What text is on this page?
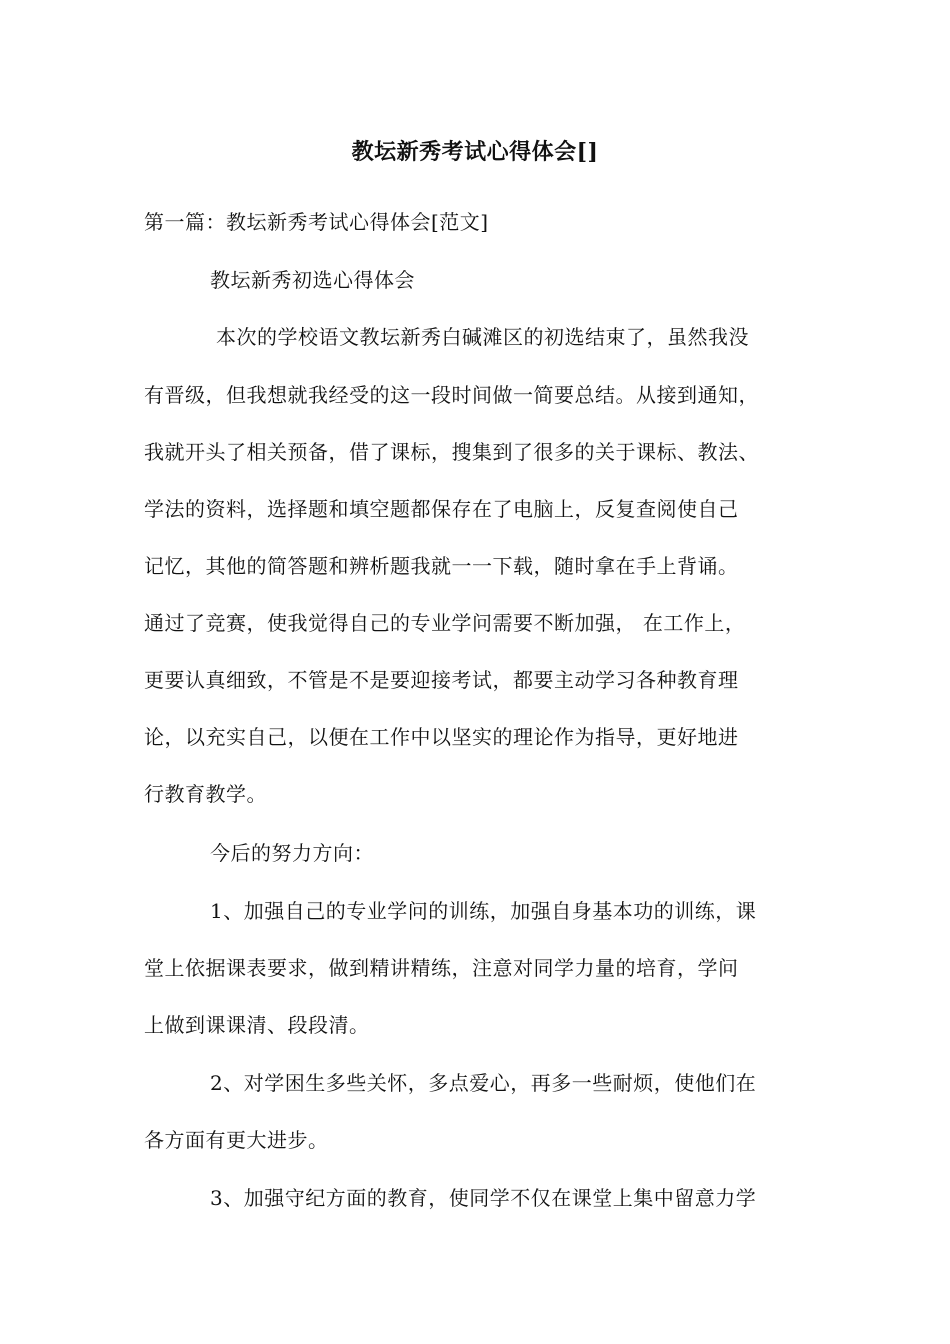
教坛新秀考试心得体会[]
第一篇：教坛新秀考试心得体会[范文]
教坛新秀初选心得体会
本次的学校语文教坛新秀白碱滩区的初选结束了，虽然我没
有晋级，但我想就我经受的这一段时间做一简要总结。从接到通知，
我就开头了相关预备，借了课标，搜集到了很多的关于课标、教法、
学法的资料，选择题和填空题都保存在了电脑上，反复查阅使自己
记忆，其他的简答题和辨析题我就一一下载，随时拿在手上背诵。
通过了竞赛，使我觉得自己的专业学问需要不断加强， 在工作上，
更要认真细致，不管是不是要迎接考试，都要主动学习各种教育理
论，以充实自己，以便在工作中以坚实的理论作为指导，更好地进
行教育教学。
今后的努力方向：
1、加强自己的专业学问的训练，加强自身基本功的训练，课
堂上依据课表要求，做到精讲精练，注意对同学力量的培育，学问
上做到课课清、段段清。
2、对学困生多些关怀，多点爱心，再多一些耐烦，使他们在
各方面有更大进步。
3、加强守纪方面的教育，使同学不仅在课堂上集中留意力学
